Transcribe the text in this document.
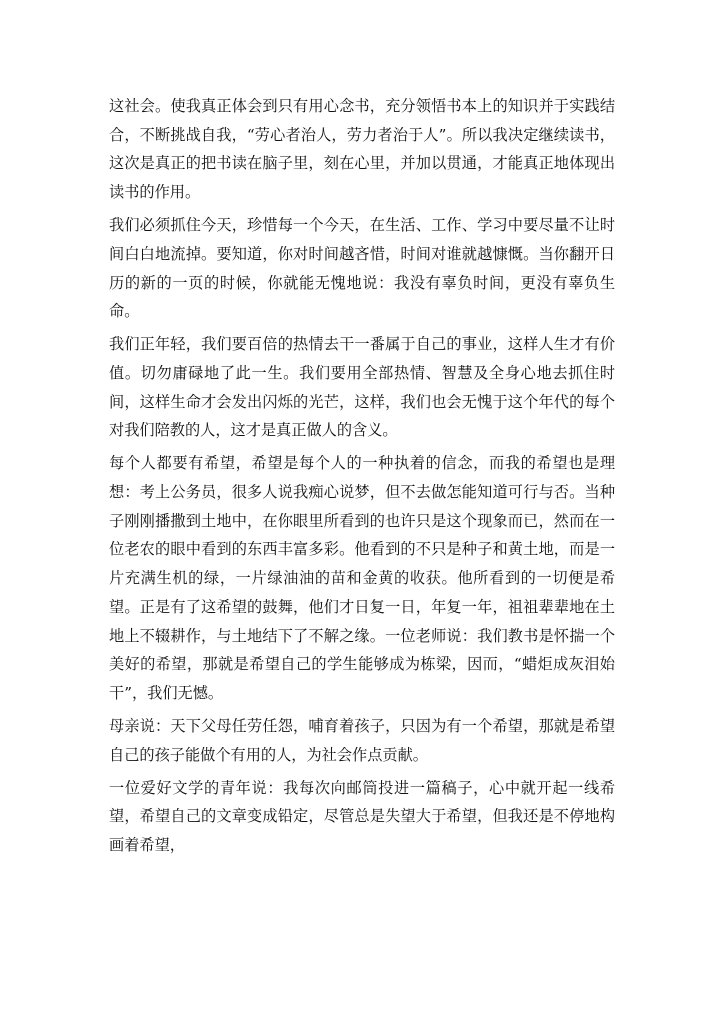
这社会。使我真正体会到只有用心念书，充分领悟书本上的知识并于实践结合，不断挑战自我，“劳心者治人，劳力者治于人”。所以我决定继续读书，这次是真正的把书读在脑子里，刻在心里，并加以贯通，才能真正地体现出读书的作用。

我们必须抓住今天，珍惜每一个今天，在生活、工作、学习中要尽量不让时间白白地流掉。要知道，你对时间越吝惜，时间对谁就越慷慨。当你翻开日历的新的一页的时候，你就能无愧地说：我没有辜负时间，更没有辜负生命。

我们正年轻，我们要百倍的热情去干一番属于自己的事业，这样人生才有价值。切勿庸碌地了此一生。我们要用全部热情、智慧及全身心地去抓住时间，这样生命才会发出闪烁的光芒，这样，我们也会无愧于这个年代的每个对我们陪教的人，这才是真正做人的含义。

每个人都要有希望，希望是每个人的一种执着的信念，而我的希望也是理想：考上公务员，很多人说我痴心说梦，但不去做怎能知道可行与否。当种子刚刚播撒到土地中，在你眼里所看到的也许只是这个现象而已，然而在一位老农的眼中看到的东西丰富多彩。他看到的不只是种子和黄土地，而是一片充满生机的绿，一片绿油油的苗和金黄的收获。他所看到的一切便是希望。正是有了这希望的鼓舞，他们才日复一日，年复一年，祖祖辈辈地在土地上不辍耕作，与土地结下了不解之缘。一位老师说：我们教书是怀揣一个美好的希望，那就是希望自己的学生能够成为栋梁，因而，“蜡炬成灰泪始干”，我们无憾。

母亲说：天下父母任劳任怨，哺育着孩子，只因为有一个希望，那就是希望自己的孩子能做个有用的人，为社会作点贡献。

一位爱好文学的青年说：我每次向邮筒投进一篇稿子，心中就开起一线希望，希望自己的文章变成铅定，尽管总是失望大于希望，但我还是不停地构画着希望，
